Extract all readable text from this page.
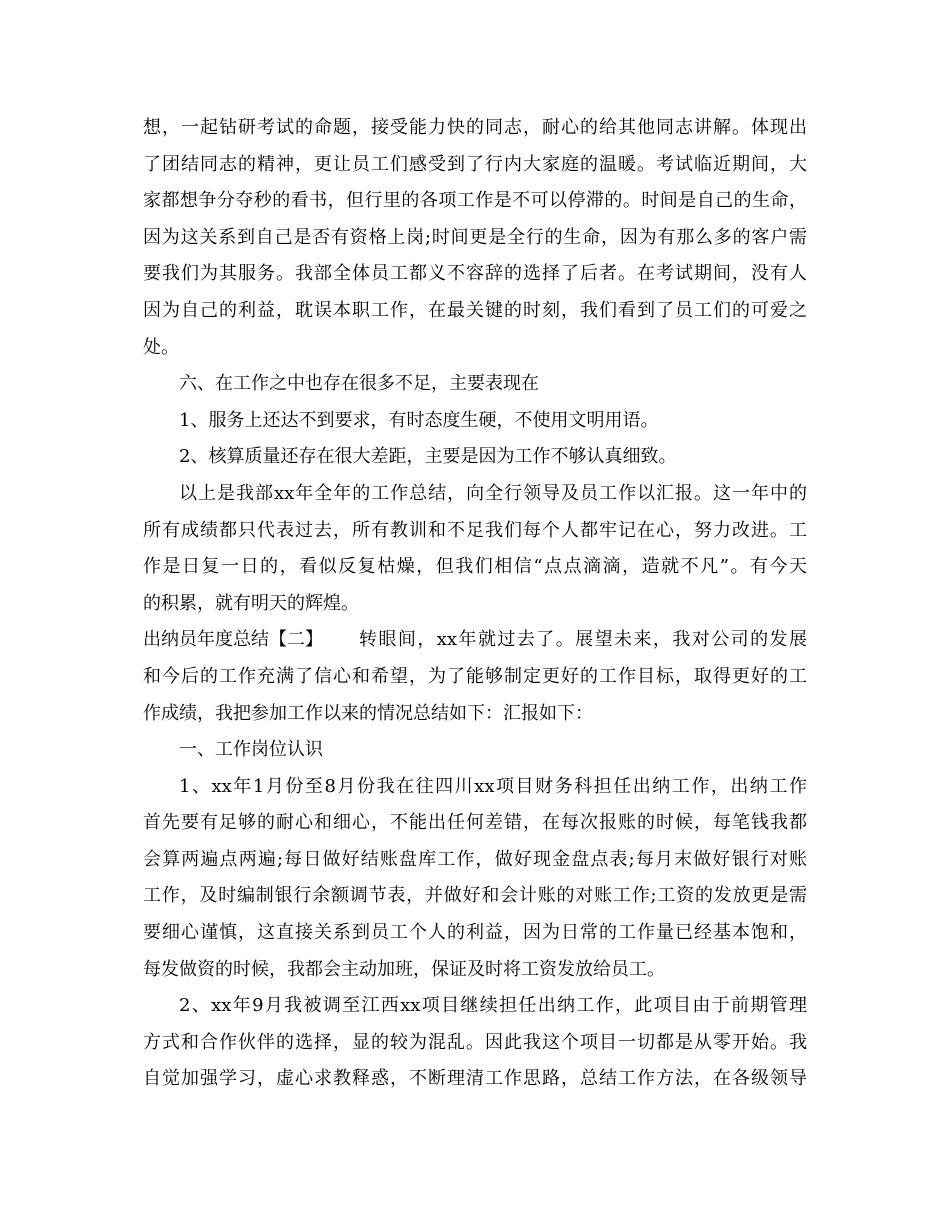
想，一起钻研考试的命题，接受能力快的同志，耐心的给其他同志讲解。体现出
了团结同志的精神，更让员工们感受到了行内大家庭的温暖。考试临近期间，大
家都想争分夺秒的看书，但行里的各项工作是不可以停滞的。时间是自己的生命，
因为这关系到自己是否有资格上岗;时间更是全行的生命，因为有那么多的客户需
要我们为其服务。我部全体员工都义不容辞的选择了后者。在考试期间，没有人
因为自己的利益，耽误本职工作，在最关键的时刻，我们看到了员工们的可爱之
处。
六、在工作之中也存在很多不足，主要表现在
1、服务上还达不到要求，有时态度生硬，不使用文明用语。
2、核算质量还存在很大差距，主要是因为工作不够认真细致。
以上是我部xx年全年的工作总结，向全行领导及员工作以汇报。这一年中的
所有成绩都只代表过去，所有教训和不足我们每个人都牢记在心，努力改进。工
作是日复一日的，看似反复枯燥，但我们相信“点点滴滴，造就不凡”。有今天
的积累，就有明天的辉煌。
出纳员年度总结【二】	转眼间，xx年就过去了。展望未来，我对公司的发展
和今后的工作充满了信心和希望，为了能够制定更好的工作目标，取得更好的工
作成绩，我把参加工作以来的情况总结如下：汇报如下：
一、工作岗位认识
1、xx年1月份至8月份我在往四川xx项目财务科担任出纳工作，出纳工作
首先要有足够的耐心和细心，不能出任何差错，在每次报账的时候，每笔钱我都
会算两遍点两遍;每日做好结账盘库工作，做好现金盘点表;每月末做好银行对账
工作，及时编制银行余额调节表，并做好和会计账的对账工作;工资的发放更是需
要细心谨慎，这直接关系到员工个人的利益，因为日常的工作量已经基本饱和，
每发做资的时候，我都会主动加班，保证及时将工资发放给员工。
2、xx年9月我被调至江西xx项目继续担任出纳工作，此项目由于前期管理
方式和合作伙伴的选择，显的较为混乱。因此我这个项目一切都是从零开始。我
自觉加强学习，虚心求教释惑，不断理清工作思路，总结工作方法，在各级领导
